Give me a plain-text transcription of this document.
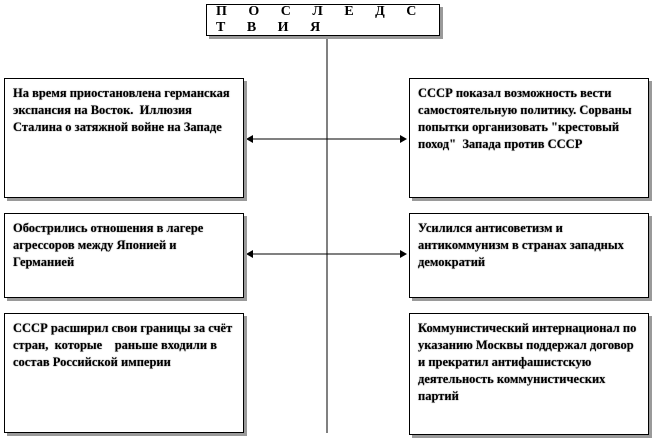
П О С Л Е Д С Т В И Я
На время приостановлена германская  экспансия на Восток.  Иллюзия Сталина о затяжной войне на Западе
СССР показал возможность вести самостоятельную политику. Сорваны попытки организовать "крестовый поход"  Запада против СССР
Обострились отношения в лагере агрессоров между Японией и Германией
Усилился антисоветизм и антикоммунизм в странах западных демократий
СССР расширил свои границы за счёт стран,  которые    раньше входили в состав Российской империи
Коммунистический интернационал по указанию Москвы поддержал договор  и прекратил антифашистскую деятельность коммунистических  партий
